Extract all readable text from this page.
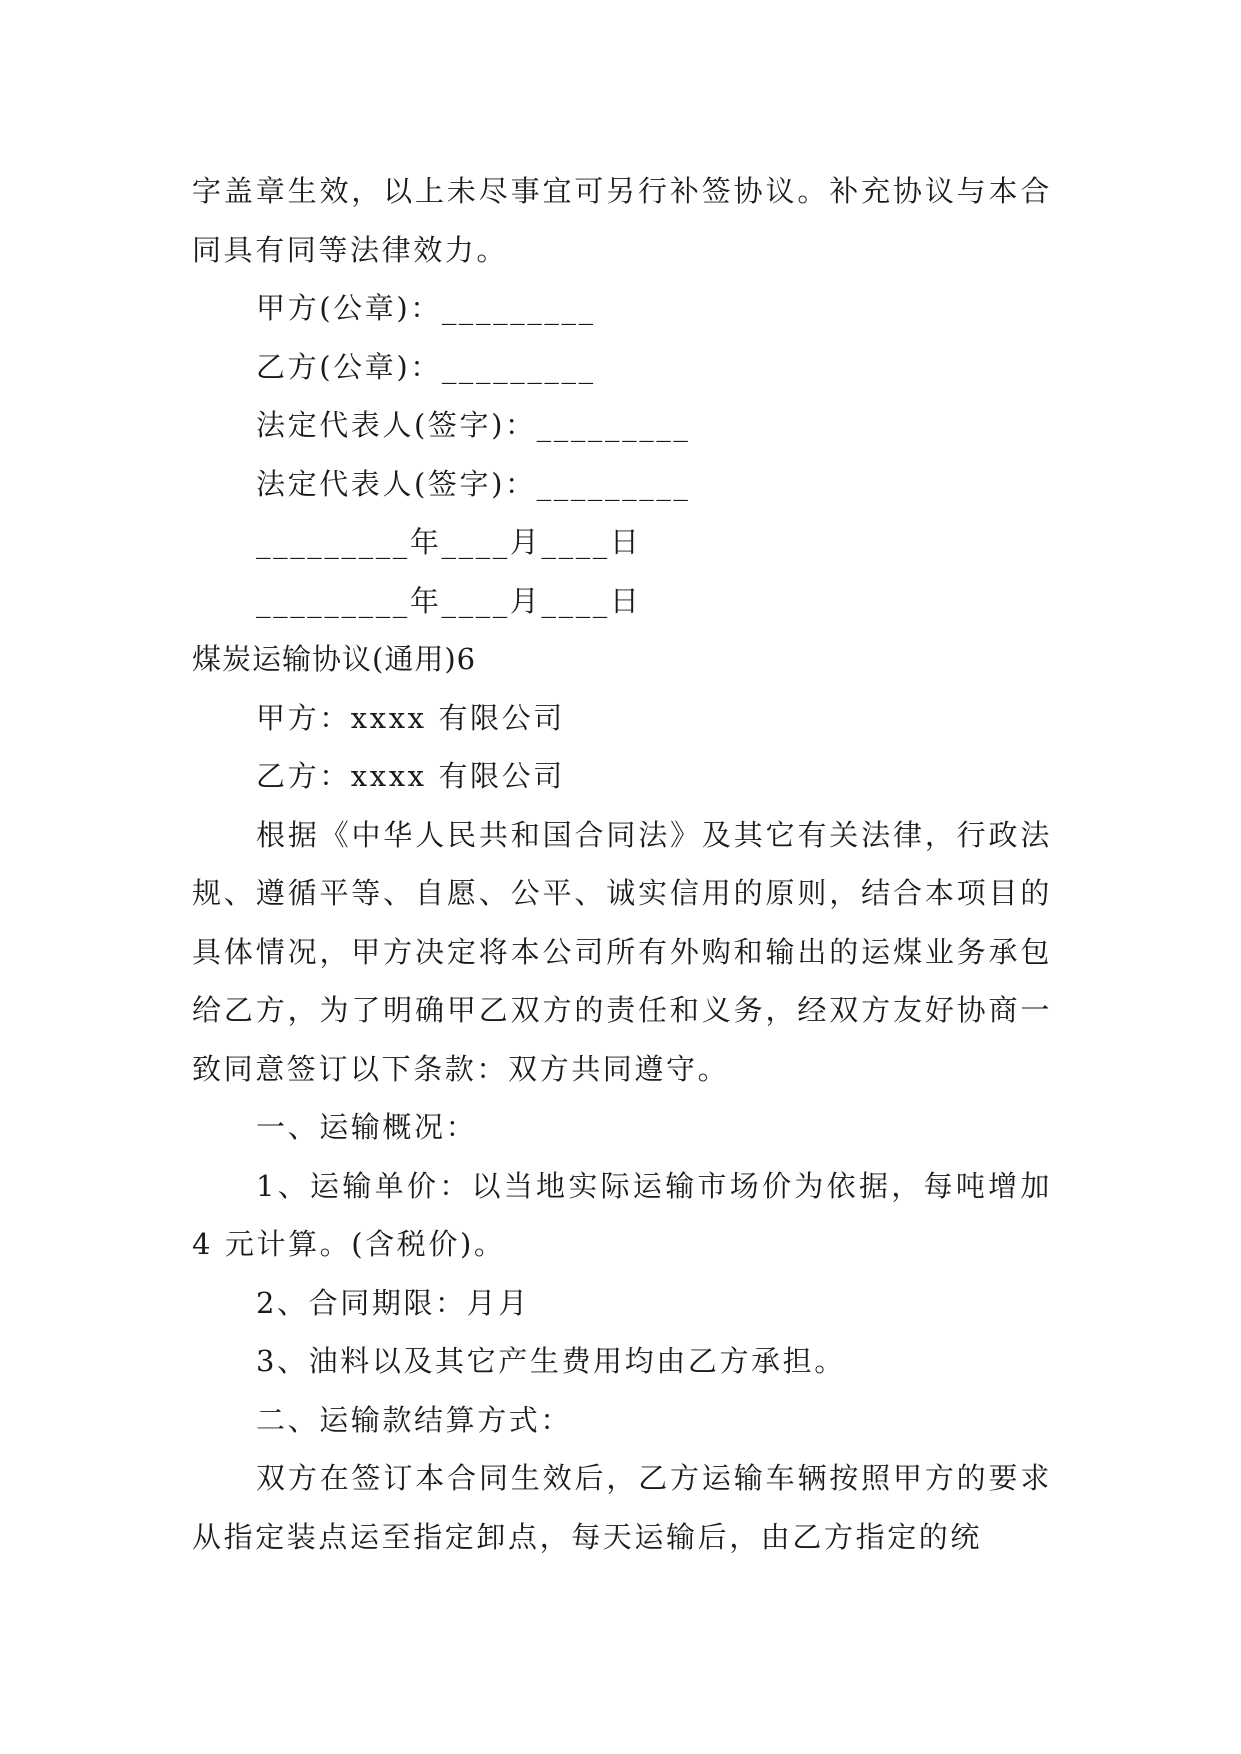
字盖章生效，以上未尽事宜可另行补签协议。补充协议与本合同具有同等法律效力。

甲方(公章)：_________

乙方(公章)：_________

法定代表人(签字)：_________

法定代表人(签字)：_________

_________年____月____日

_________年____月____日

煤炭运输协议(通用)6

甲方：xxxx 有限公司

乙方：xxxx 有限公司

根据《中华人民共和国合同法》及其它有关法律，行政法规、遵循平等、自愿、公平、诚实信用的原则，结合本项目的具体情况，甲方决定将本公司所有外购和输出的运煤业务承包给乙方，为了明确甲乙双方的责任和义务，经双方友好协商一致同意签订以下条款：双方共同遵守。

一、运输概况：

1、运输单价：以当地实际运输市场价为依据，每吨增加 4 元计算。(含税价)。

2、合同期限：月月

3、油料以及其它产生费用均由乙方承担。

二、运输款结算方式：

双方在签订本合同生效后，乙方运输车辆按照甲方的要求从指定装点运至指定卸点，每天运输后，由乙方指定的统
